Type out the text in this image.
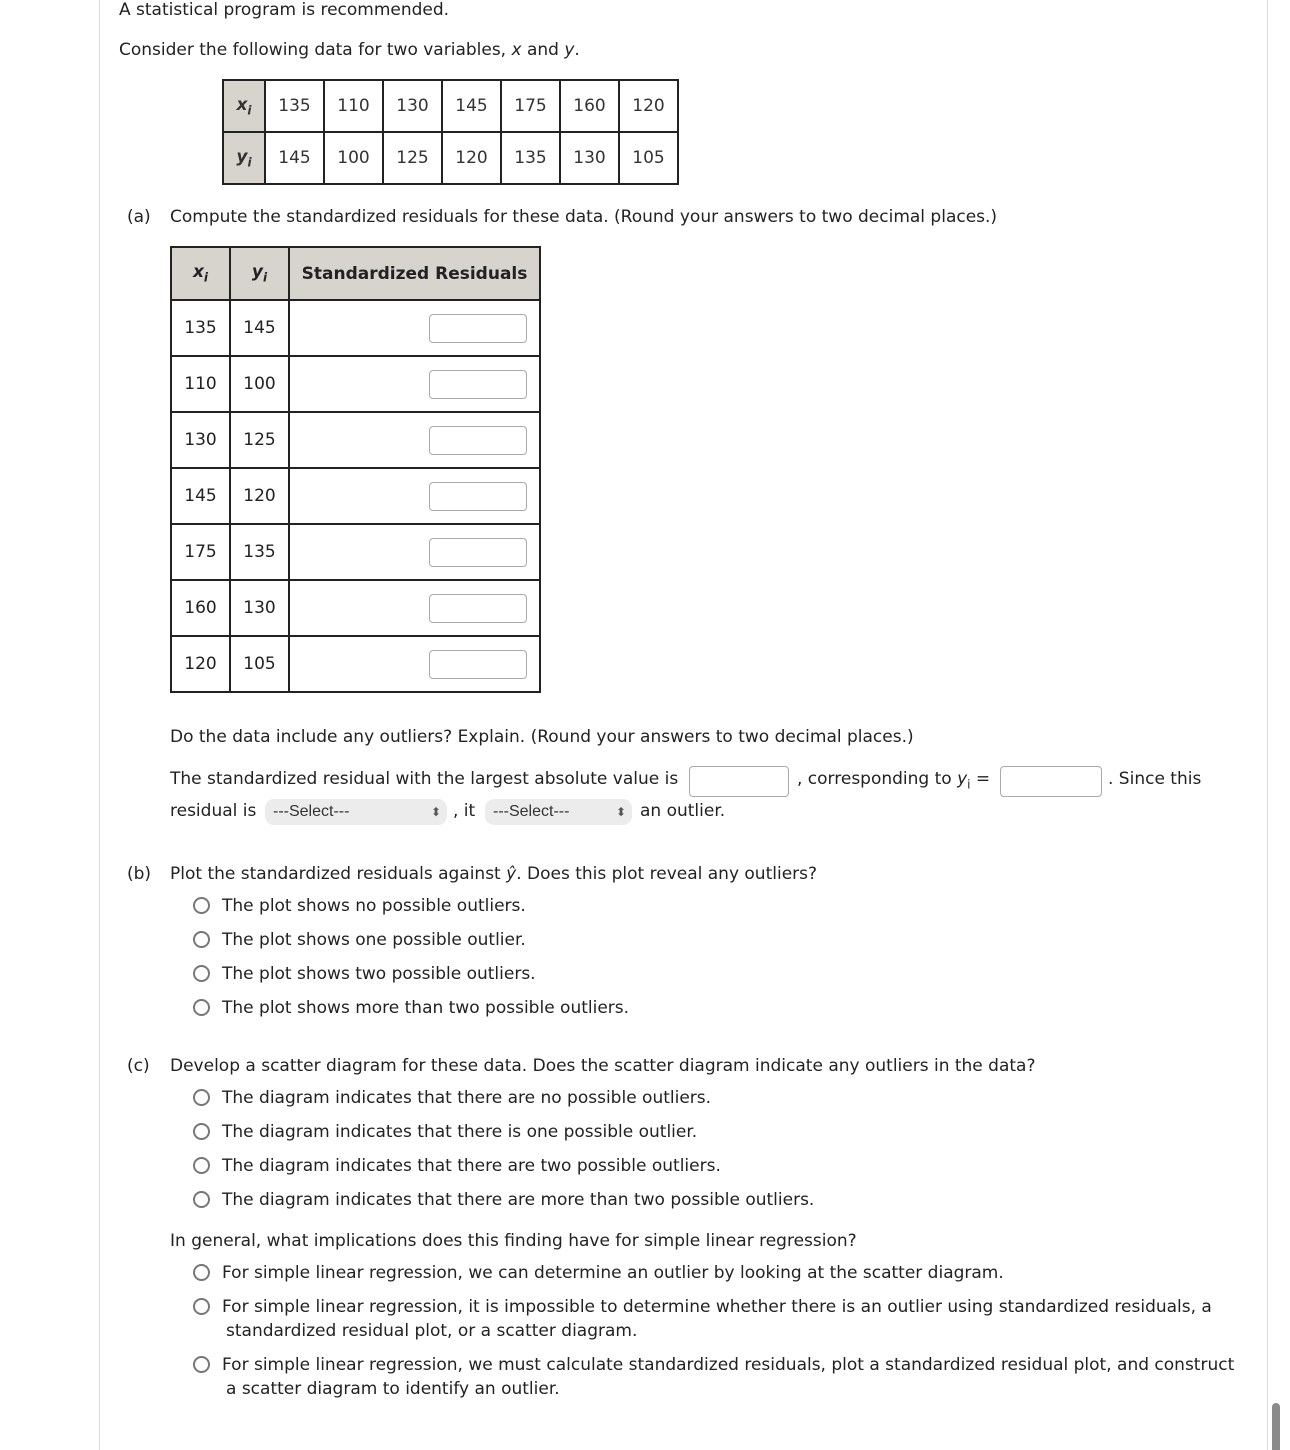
A statistical program is recommended.
Consider the following data for two variables, x and y.
$x_i$	135	110	130	145	175	160	120
$y_i$	145	100	125	120	135	130	105
(a) Compute the standardized residuals for these data. (Round your answers to two decimal places.)
$x_i$	$y_i$	Standardized Residuals
135	145	
110	100	
130	125	
145	120	
175	135	
160	130	
120	105	
Do the data include any outliers? Explain. (Round your answers to two decimal places.)
The standardized residual with the largest absolute value is	, corresponding to $y_i$ =	. Since this
residual is	---Select---	⬍ , it	---Select---	⬍ an outlier.
(b) Plot the standardized residuals against ŷ. Does this plot reveal any outliers?
The plot shows no possible outliers.
The plot shows one possible outlier.
The plot shows two possible outliers.
The plot shows more than two possible outliers.
(c) Develop a scatter diagram for these data. Does the scatter diagram indicate any outliers in the data?
The diagram indicates that there are no possible outliers.
The diagram indicates that there is one possible outlier.
The diagram indicates that there are two possible outliers.
The diagram indicates that there are more than two possible outliers.
In general, what implications does this finding have for simple linear regression?
For simple linear regression, we can determine an outlier by looking at the scatter diagram.
For simple linear regression, it is impossible to determine whether there is an outlier using standardized residuals, a
standardized residual plot, or a scatter diagram.
For simple linear regression, we must calculate standardized residuals, plot a standardized residual plot, and construct
a scatter diagram to identify an outlier.
